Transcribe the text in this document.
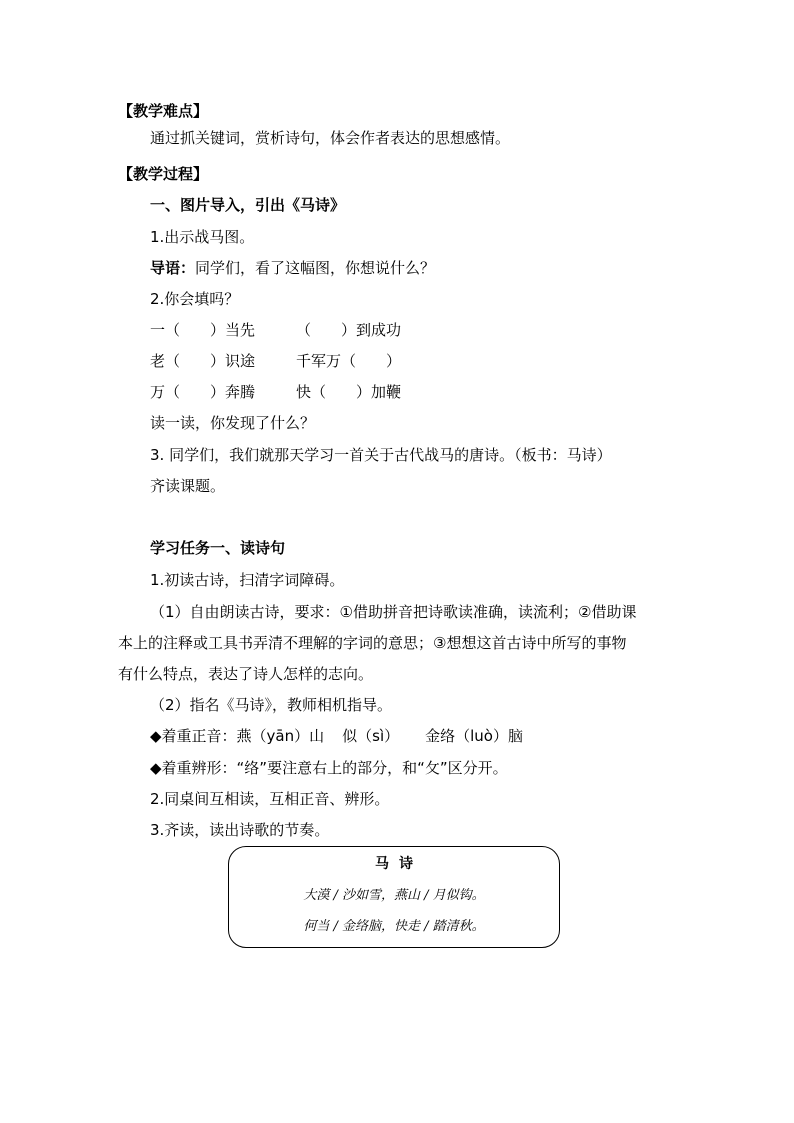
【教学难点】
通过抓关键词，赏析诗句，体会作者表达的思想感情。
【教学过程】
一、图片导入，引出《马诗》
1.出示战马图。
导语：同学们，看了这幅图，你想说什么？
2.你会填吗？
一（　　）当先	（　　）到成功
老（　　）识途	千军万（　　）
万（　　）奔腾	快（　　）加鞭
读一读，你发现了什么？
3. 同学们，我们就那天学习一首关于古代战马的唐诗。（板书：马诗）
齐读课题。
学习任务一、读诗句
1.初读古诗，扫清字词障碍。
（1）自由朗读古诗，要求：①借助拼音把诗歌读准确，读流利；②借助课
本上的注释或工具书弄清不理解的字词的意思；③想想这首古诗中所写的事物
有什么特点，表达了诗人怎样的志向。
（2）指名《马诗》，教师相机指导。
◆着重正音：燕（yān）山 似（sì） 金络（luò）脑
◆着重辨形：“络”要注意右上的部分，和“攵”区分开。
2.同桌间互相读，互相正音、辨形。
3.齐读，读出诗歌的节奏。
马诗
大漠 / 沙如雪，燕山 / 月似钩。
何当 / 金络脑，快走 / 踏清秋。
